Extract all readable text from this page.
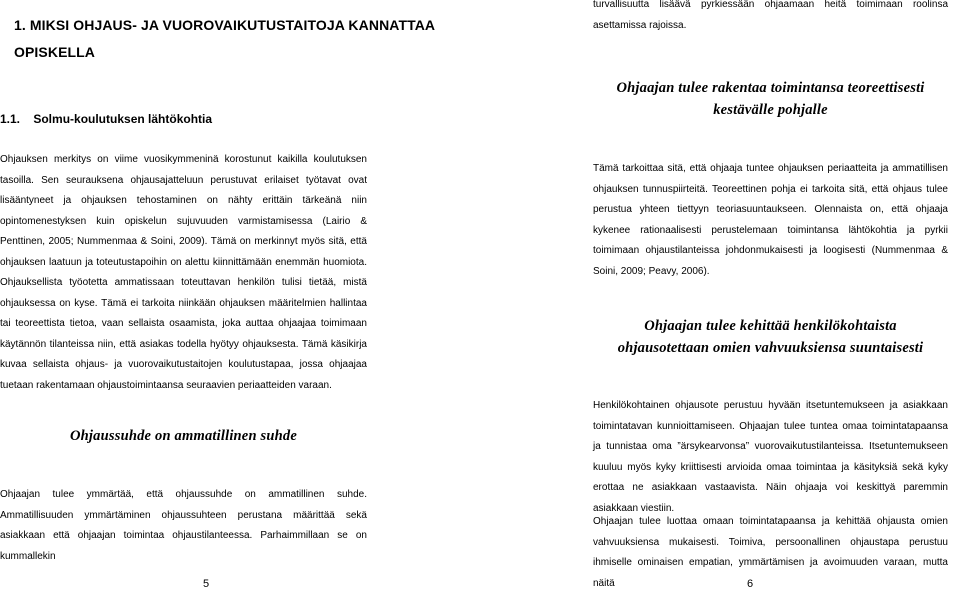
1. MIKSI OHJAUS- JA VUOROVAIKUTUSTAITOJA KANNATTAA
OPISKELLA
1.1.    Solmu-koulutuksen lähtökohtia
Ohjauksen merkitys on viime vuosikymmeninä korostunut kaikilla koulutuksen tasoilla. Sen seurauksena ohjausajatteluun perustuvat erilaiset työtavat ovat lisääntyneet ja ohjauksen tehostaminen on nähty erittäin tärkeänä niin opintomenestyksen kuin opiskelun sujuvuuden varmistamisessa (Lairio & Penttinen, 2005; Nummenmaa & Soini, 2009). Tämä on merkinnyt myös sitä, että ohjauksen laatuun ja toteutustapoihin on alettu kiinnittämään enemmän huomiota. Ohjauksellista työotetta ammatissaan toteuttavan henkilön tulisi tietää, mistä ohjauksessa on kyse. Tämä ei tarkoita niinkään ohjauksen määritelmien hallintaa tai teoreettista tietoa, vaan sellaista osaamista, joka auttaa ohjaajaa toimimaan käytännön tilanteissa niin, että asiakas todella hyötyy ohjauksesta. Tämä käsikirja kuvaa sellaista ohjaus- ja vuorovaikutustaitojen koulutustapaa, jossa ohjaajaa tuetaan rakentamaan ohjaustoimintaansa seuraavien periaatteiden varaan.
Ohjaussuhde on ammatillinen suhde
Ohjaajan tulee ymmärtää, että ohjaussuhde on ammatillinen suhde. Ammatillisuuden ymmärtäminen ohjaussuhteen perustana määrittää sekä asiakkaan että ohjaajan toimintaa ohjaustilanteessa. Parhaimmillaan se on kummallekin
5
turvallisuutta lisäävä pyrkiessään ohjaamaan heitä toimimaan roolinsa asettamissa rajoissa.
Ohjaajan tulee rakentaa toimintansa teoreettisesti
kestävälle pohjalle
Tämä tarkoittaa sitä, että ohjaaja tuntee ohjauksen periaatteita ja ammatillisen ohjauksen tunnuspiirteitä. Teoreettinen pohja ei tarkoita sitä, että ohjaus tulee perustua yhteen tiettyyn teoriasuuntaukseen. Olennaista on, että ohjaaja kykenee rationaalisesti perustelemaan toimintansa lähtökohtia ja pyrkii toimimaan ohjaustilanteissa johdonmukaisesti ja loogisesti (Nummenmaa & Soini, 2009; Peavy, 2006).
Ohjaajan tulee kehittää henkilökohtaista
ohjausotettaan omien vahvuuksiensa suuntaisesti
Henkilökohtainen ohjausote perustuu hyvään itsetuntemukseen ja asiakkaan toimintatavan kunnioittamiseen. Ohjaajan tulee tuntea omaa toimintatapaansa ja tunnistaa oma ”ärsykearvonsa” vuorovaikutustilanteissa. Itsetuntemukseen kuuluu myös kyky kriittisesti arvioida omaa toimintaa ja käsityksiä sekä kyky erottaa ne asiakkaan vastaavista. Näin ohjaaja voi keskittyä paremmin asiakkaan viestiin.
Ohjaajan tulee luottaa omaan toimintatapaansa ja kehittää ohjausta omien vahvuuksiensa mukaisesti. Toimiva, persoonallinen ohjaustapa perustuu ihmiselle ominaisen empatian, ymmärtämisen ja avoimuuden varaan, mutta näitä	6
